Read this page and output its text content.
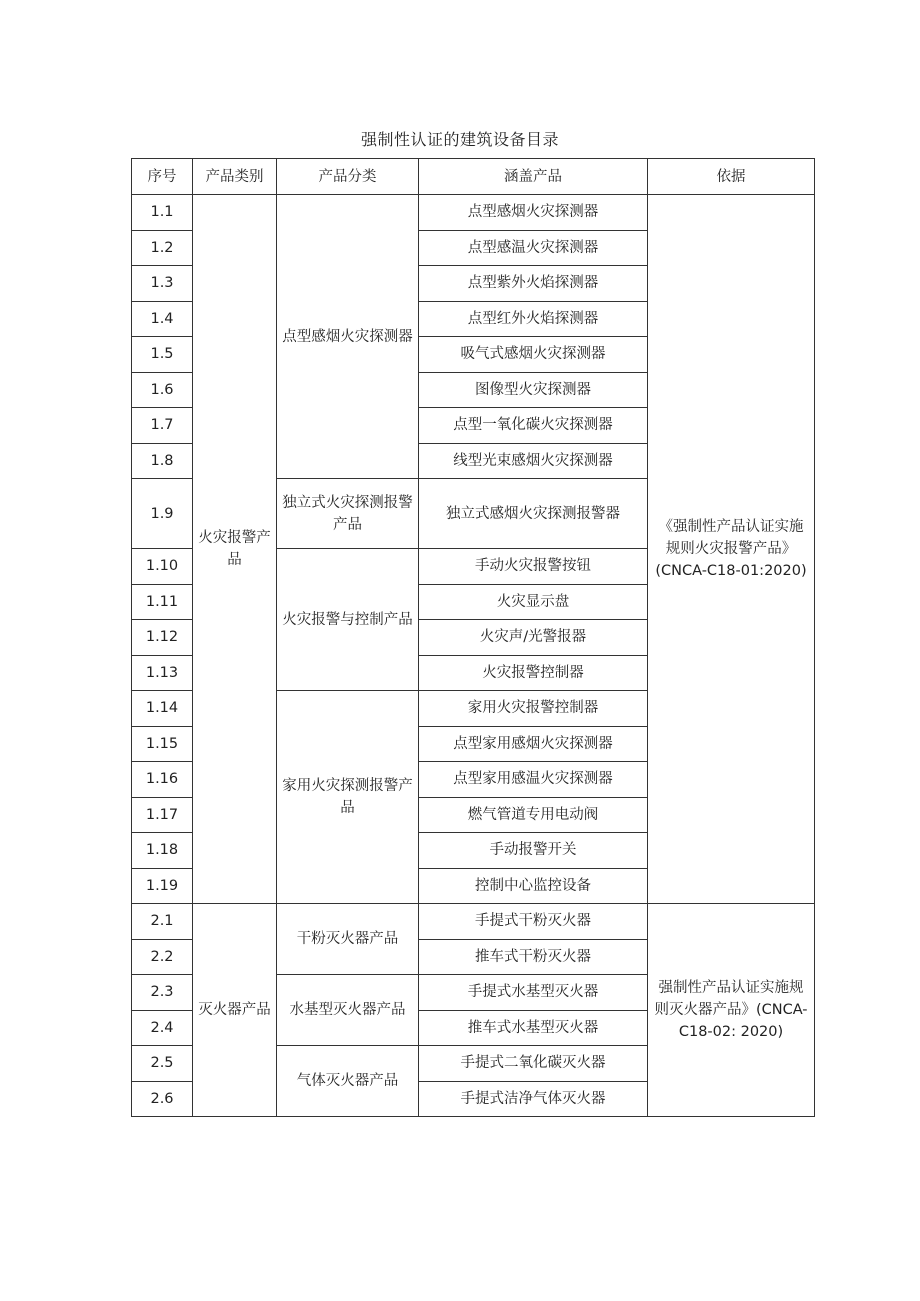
强制性认证的建筑设备目录
序号	产品类别	产品分类	涵盖产品	依据
1.1	火灾报警产品	点型感烟火灾探测器	点型感烟火灾探测器	《强制性产品认证实施规则火灾报警产品》(CNCA-C18-01:2020)
1.2			点型感温火灾探测器	
1.3			点型紫外火焰探测器	
1.4			点型红外火焰探测器	
1.5			吸气式感烟火灾探测器	
1.6			图像型火灾探测器	
1.7			点型一氧化碳火灾探测器	
1.8			线型光束感烟火灾探测器	
1.9		独立式火灾探测报警产品	独立式感烟火灾探测报警器	
1.10		火灾报警与控制产品	手动火灾报警按钮	
1.11			火灾显示盘	
1.12			火灾声/光警报器	
1.13			火灾报警控制器	
1.14		家用火灾探测报警产品	家用火灾报警控制器	
1.15			点型家用感烟火灾探测器	
1.16			点型家用感温火灾探测器	
1.17			燃气管道专用电动阀	
1.18			手动报警开关	
1.19			控制中心监控设备	
2.1	灭火器产品	干粉灭火器产品	手提式干粉灭火器	强制性产品认证实施规则灭火器产品》(CNCA-C18-02: 2020)
2.2			推车式干粉灭火器	
2.3		水基型灭火器产品	手提式水基型灭火器	
2.4			推车式水基型灭火器	
2.5		气体灭火器产品	手提式二氧化碳灭火器	
2.6			手提式洁净气体灭火器	
